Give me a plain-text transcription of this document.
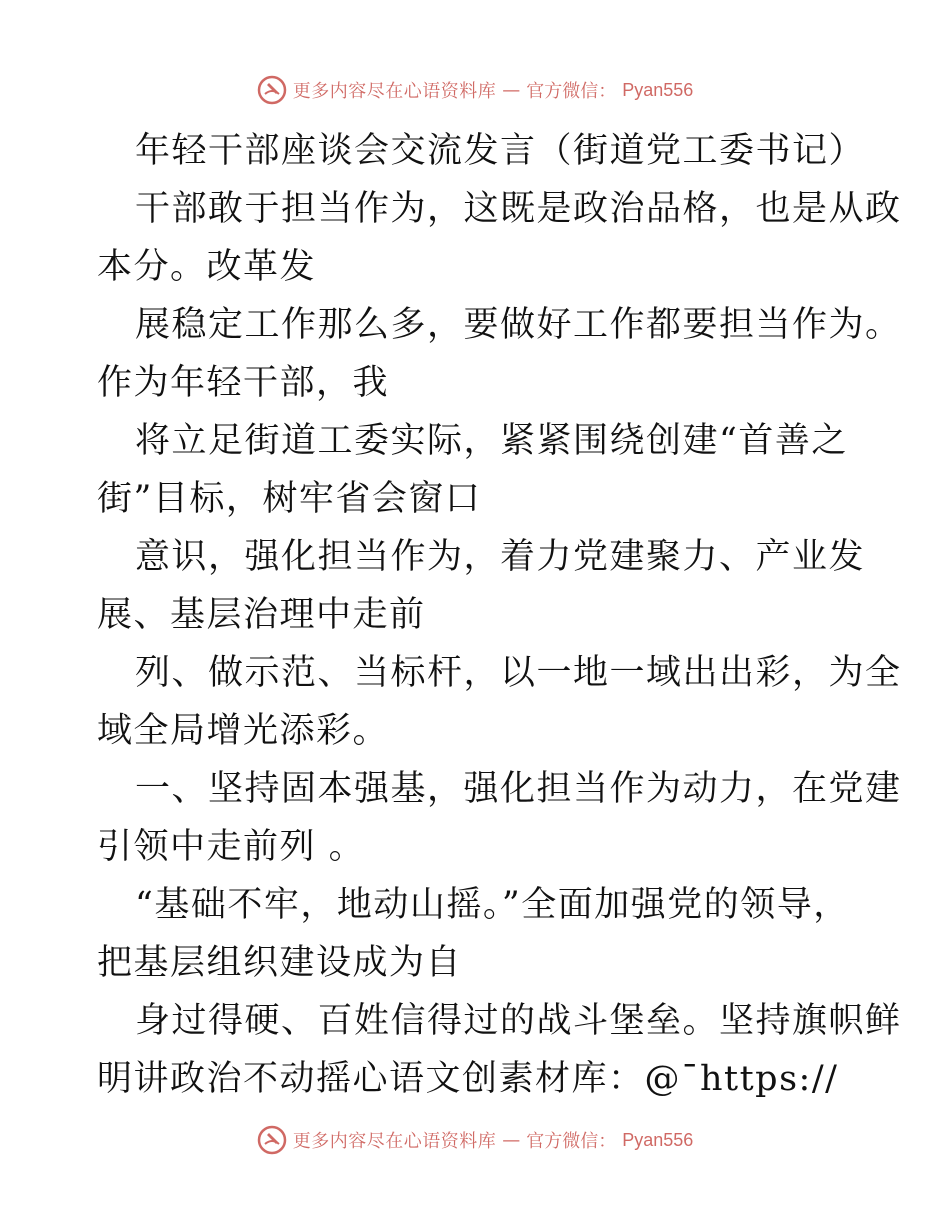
更多内容尽在心语资料库 — 官方微信： Pyan556
年轻干部座谈会交流发言（街道党工委书记）
干部敢于担当作为，这既是政治品格，也是从政
本分。改革发
展稳定工作那么多，要做好工作都要担当作为。
作为年轻干部，我
将立足街道工委实际，紧紧围绕创建“首善之
街”目标，树牢省会窗口
意识，强化担当作为，着力党建聚力、产业发
展、基层治理中走前
列、做示范、当标杆，以一地一域出出彩，为全
域全局增光添彩。
一、坚持固本强基，强化担当作为动力，在党建
引领中走前列 。
“基础不牢，地动山摇。”全面加强党的领导，
把基层组织建设成为自
身过得硬、百姓信得过的战斗堡垒。坚持旗帜鲜
明讲政治不动摇心语文创素材库：@¯https://
更多内容尽在心语资料库 — 官方微信： Pyan556
